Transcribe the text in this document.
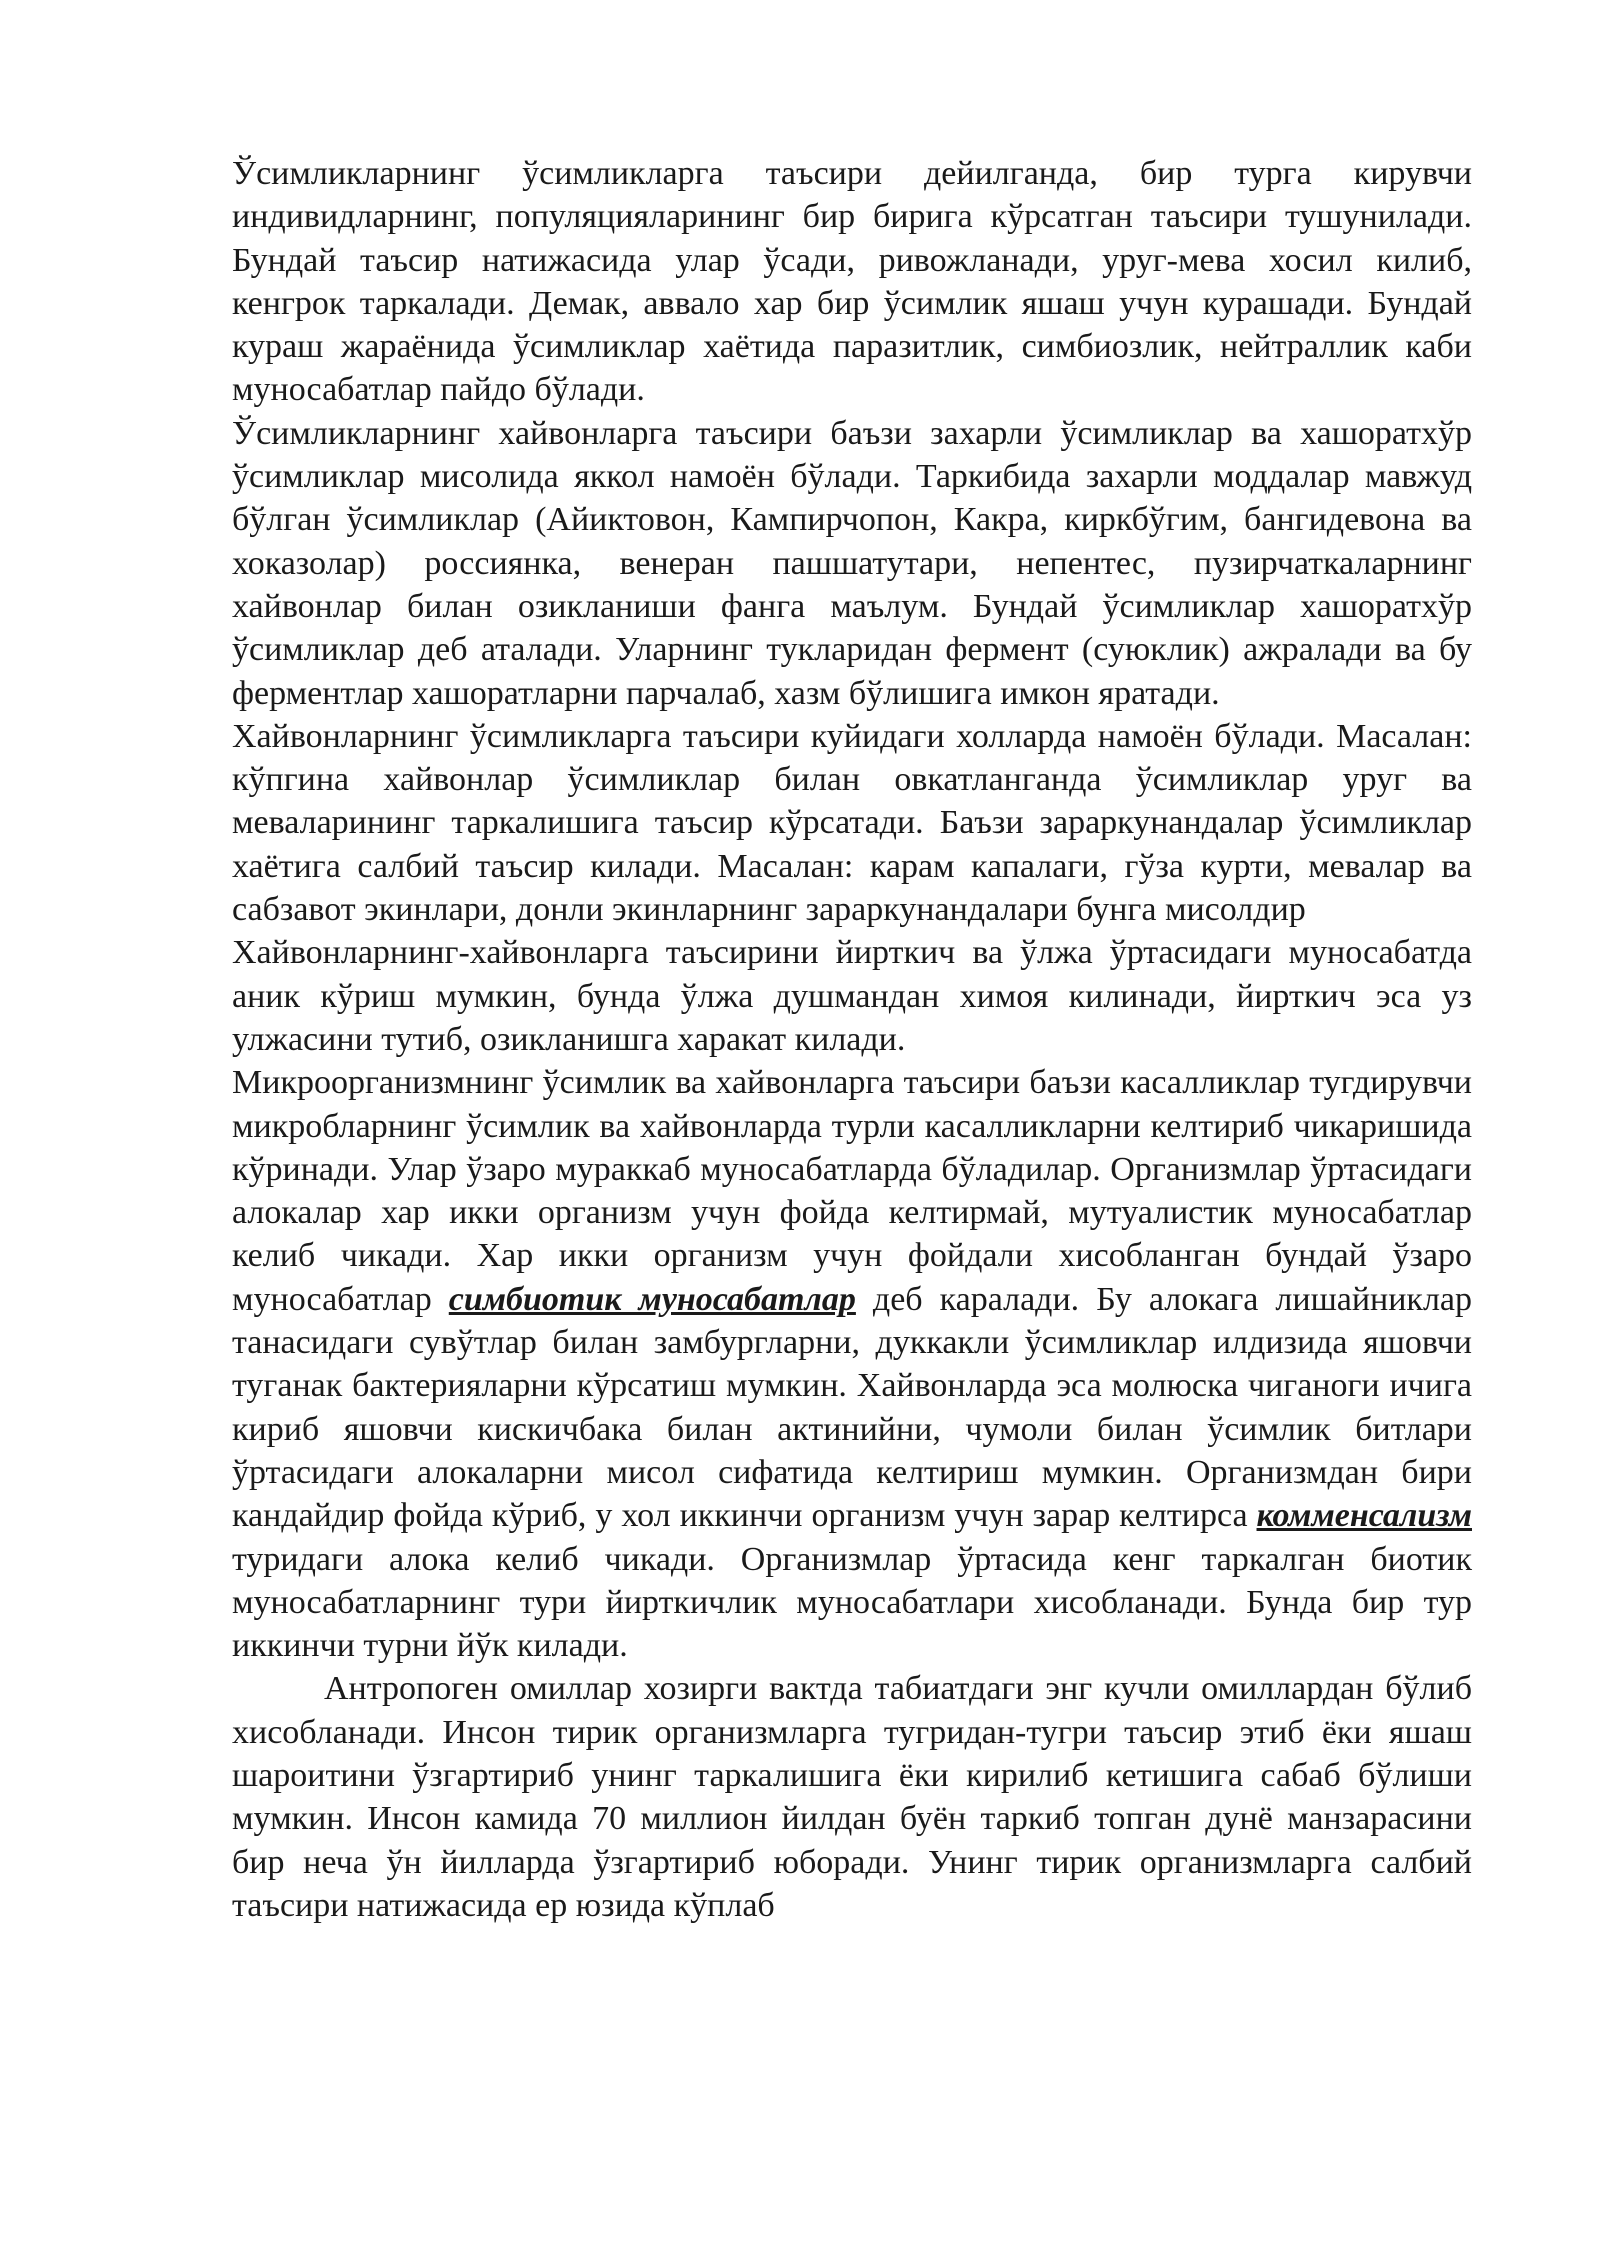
Ўсимликларнинг ўсимликларга таъсири дейилганда, бир турга кирувчи индивидларнинг, популяцияларининг бир бирига кўрсатган таъсири тушунилади. Бундай таъсир натижасида улар ўсади, ривожланади, уруг-мева хосил килиб, кенгрок таркалади. Демак, аввало хар бир ўсимлик яшаш учун курашади. Бундай кураш жараёнида ўсимликлар хаётида паразитлик, симбиозлик, нейтраллик каби муносабатлар пайдо бўлади.

Ўсимликларнинг хайвонларга таъсири баъзи захарли ўсимликлар ва хашоратхўр ўсимликлар мисолида яккол намоён бўлади. Таркибида захарли моддалар мавжуд бўлган ўсимликлар (Айиктовон, Кампирчопон, Какра, киркбўгим, бангидевона ва хоказолар) россиянка, венеран пашшатутари, непентес, пузирчаткаларнинг хайвонлар билан озикланиши фанга маълум. Бундай ўсимликлар хашоратхўр ўсимликлар деб аталади. Уларнинг тукларидан фермент (суюклик) ажралади ва бу ферментлар хашоратларни парчалаб, хазм бўлишига имкон яратади.

Хайвонларнинг ўсимликларга таъсири куйидаги холларда намоён бўлади. Масалан: кўпгина хайвонлар ўсимликлар билан овкатланганда ўсимликлар уруг ва меваларининг таркалишига таъсир кўрсатади. Баъзи зараркунандалар ўсимликлар хаётига салбий таъсир килади. Масалан: карам капалаги, гўза курти, мевалар ва сабзавот экинлари, донли экинларнинг зараркунандалари бунга мисолдир

Хайвонларнинг-хайвонларга таъсирини йирткич ва ўлжа ўртасидаги муносабатда аник кўриш мумкин, бунда ўлжа душмандан химоя килинади, йирткич эса уз улжасини тутиб, озикланишга харакат килади.

Микроорганизмнинг ўсимлик ва хайвонларга таъсири баъзи касалликлар тугдирувчи микробларнинг ўсимлик ва хайвонларда турли касалликларни келтириб чикаришида кўринади. Улар ўзаро мураккаб муносабатларда бўладилар. Организмлар ўртасидаги алокалар хар икки организм учун фойда келтирмай, мутуалистик муносабатлар келиб чикади. Хар икки организм учун фойдали хисобланган бундай ўзаро муносабатлар симбиотик муносабатлар деб каралади. Бу алокага лишайниклар танасидаги сувўтлар билан замбургларни, дуккакли ўсимликлар илдизида яшовчи туганак бактерияларни кўрсатиш мумкин. Хайвонларда эса молюска чиганоги ичига кириб яшовчи кискичбака билан актинийни, чумоли билан ўсимлик битлари ўртасидаги алокаларни мисол сифатида келтириш мумкин. Организмдан бири кандайдир фойда кўриб, у хол иккинчи организм учун зарар келтирса комменсализм туридаги алока келиб чикади. Организмлар ўртасида кенг таркалган биотик муносабатларнинг тури йирткичлик муносабатлари хисобланади. Бунда бир тур иккинчи турни йўк килади.

Антропоген омиллар хозирги вактда табиатдаги энг кучли омиллардан бўлиб хисобланади. Инсон тирик организмларга тугридан-тугри таъсир этиб ёки яшаш шароитини ўзгартириб унинг таркалишига ёки кирилиб кетишига сабаб бўлиши мумкин. Инсон камида 70 миллион йилдан буён таркиб топган дунё манзарасини бир неча ўн йилларда ўзгартириб юборади. Унинг тирик организмларга салбий таъсири натижасида ер юзида кўплаб
